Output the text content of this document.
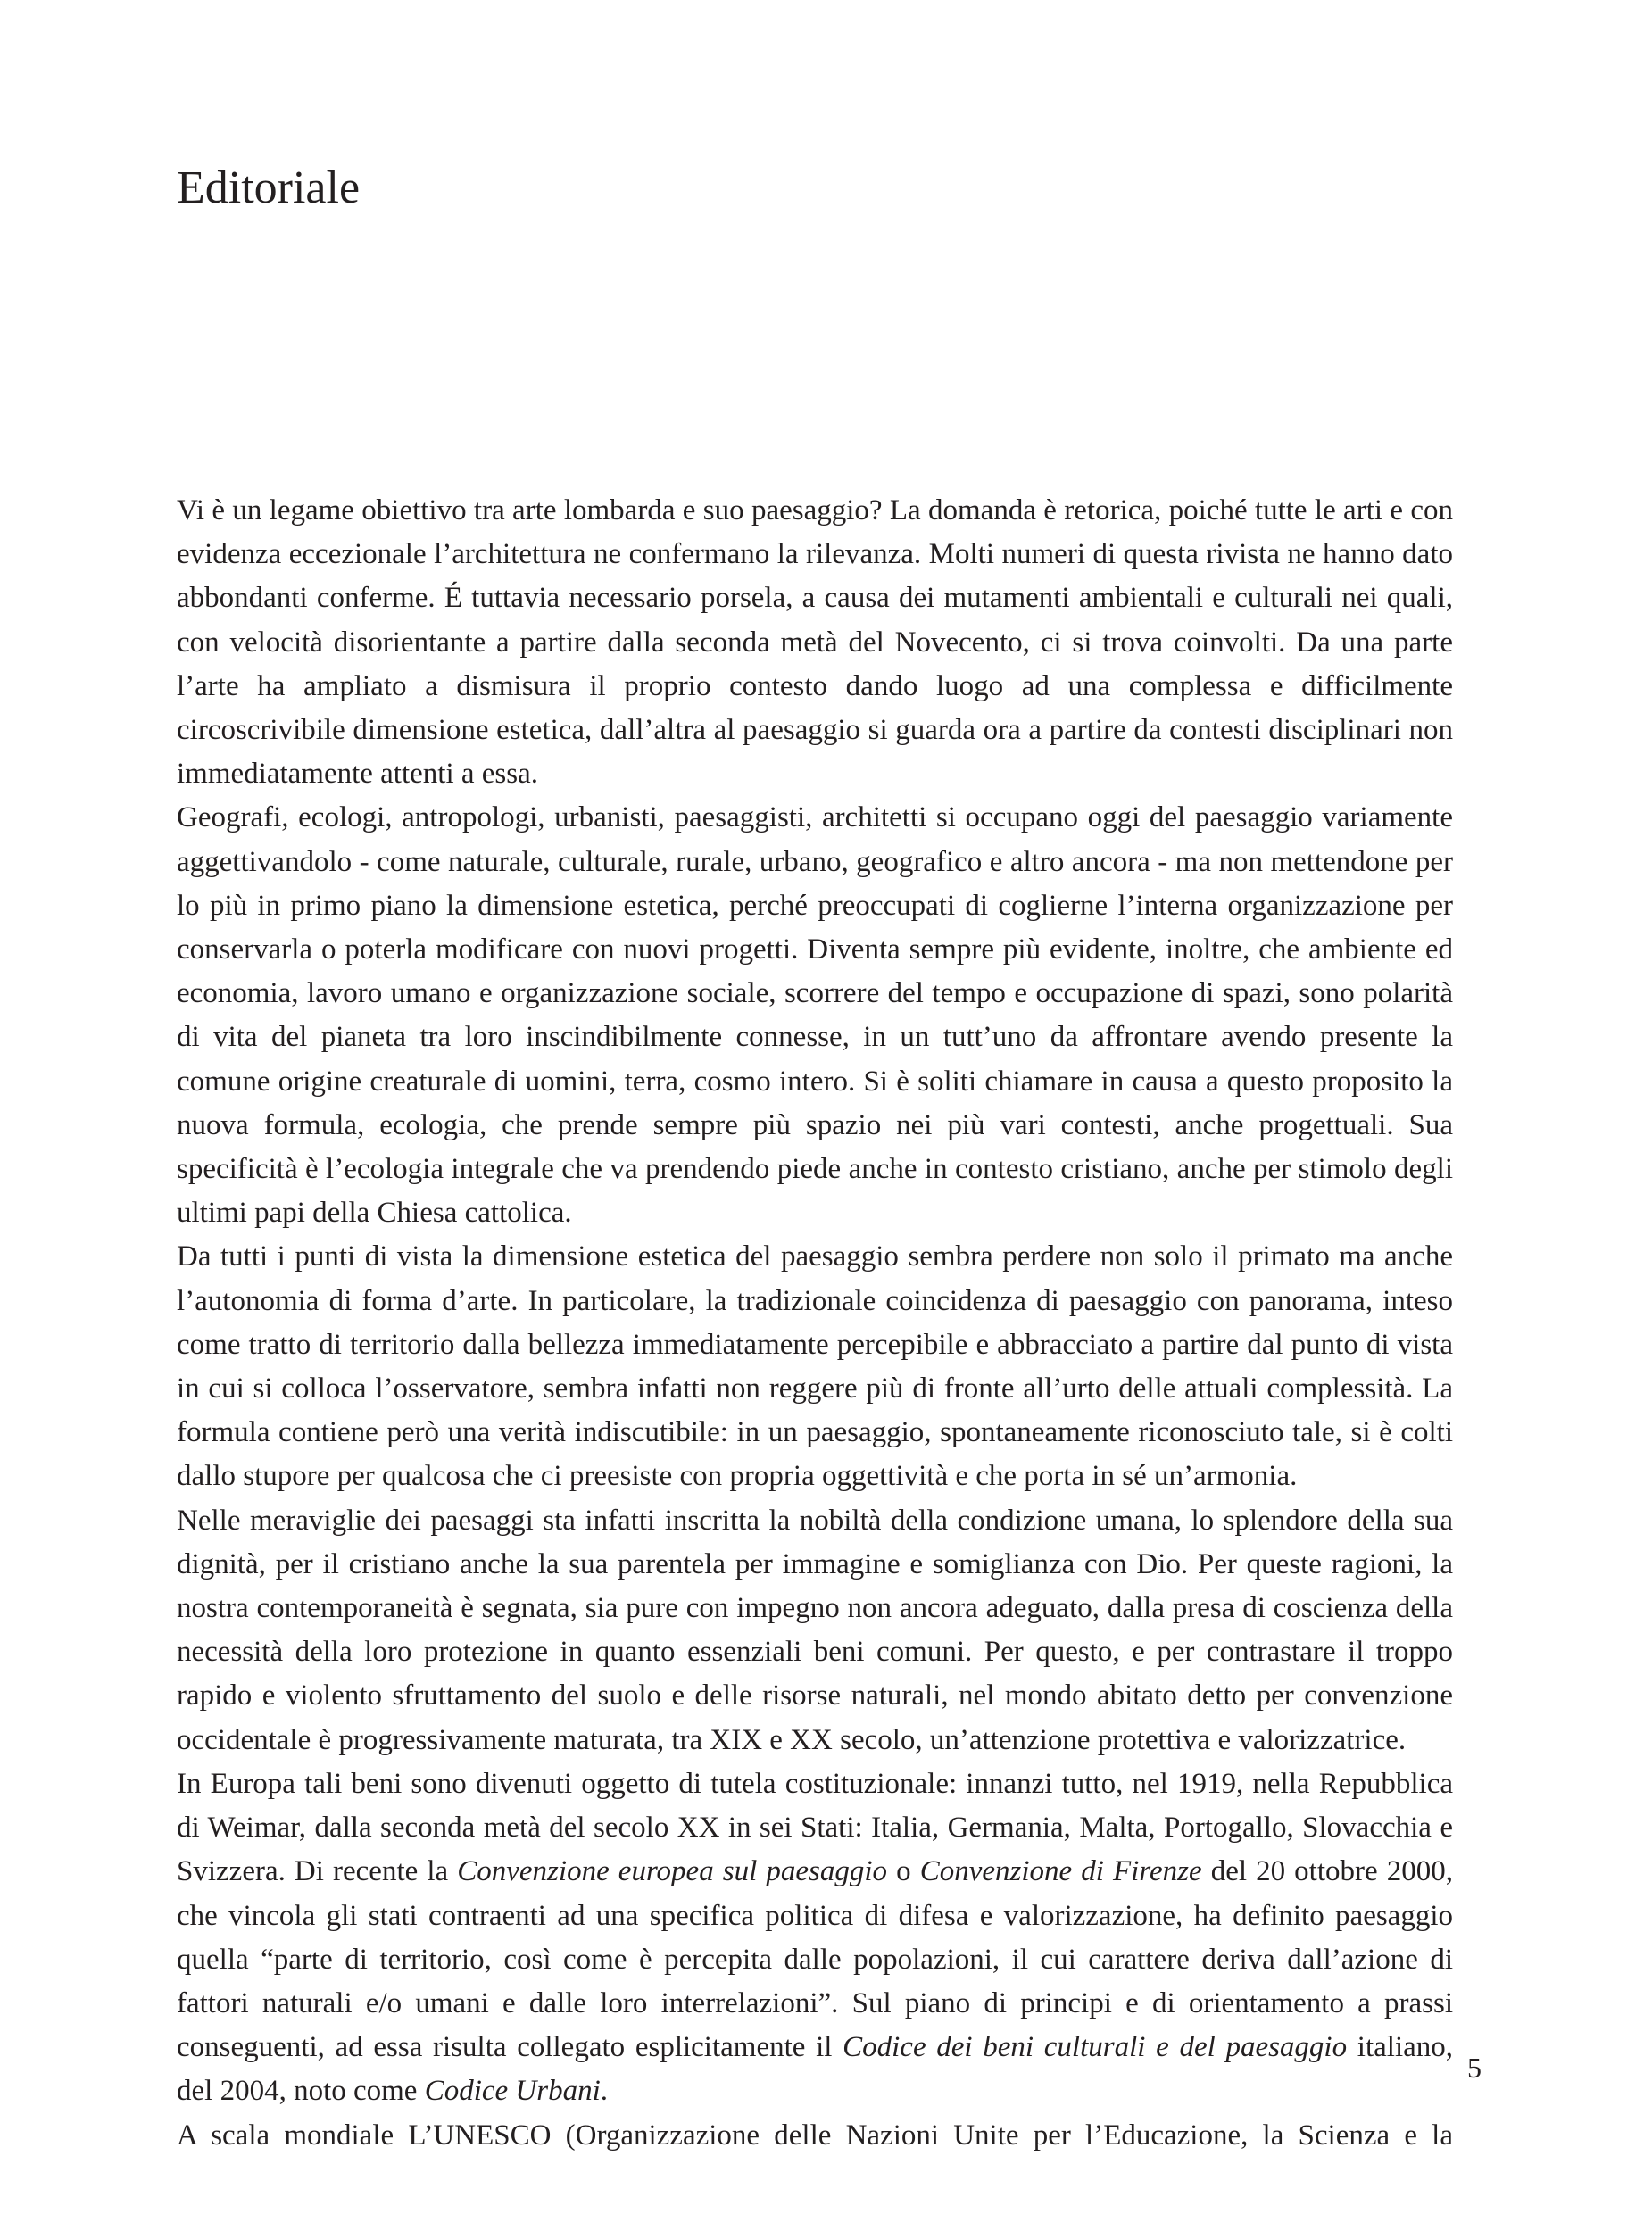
Editoriale

Vi è un legame obiettivo tra arte lombarda e suo paesaggio? La domanda è retorica, poiché tutte le arti e con evidenza eccezionale l’architettura ne confermano la rilevanza. Molti numeri di questa rivista ne hanno dato abbondanti conferme. É tuttavia necessario porsela, a causa dei mutamenti ambientali e culturali nei quali, con velocità disorientante a partire dalla seconda metà del Novecento, ci si trova coinvolti. Da una parte l’arte ha ampliato a dismisura il proprio contesto dando luogo ad una complessa e difficilmente circoscrivibile dimensione estetica, dall’altra al paesaggio si guarda ora a partire da contesti disciplinari non immediatamente attenti a essa.

Geografi, ecologi, antropologi, urbanisti, paesaggisti, architetti si occupano oggi del paesaggio variamente aggettivandolo - come naturale, culturale, rurale, urbano, geografico e altro ancora - ma non mettendone per lo più in primo piano la dimensione estetica, perché preoccupati di coglierne l’interna organizzazione per conservarla o poterla modificare con nuovi progetti. Diventa sempre più evidente, inoltre, che ambiente ed economia, lavoro umano e organizzazione sociale, scorrere del tempo e occupazione di spazi, sono polarità di vita del pianeta tra loro inscindibilmente connesse, in un tutt’uno da affrontare avendo presente la comune origine creaturale di uomini, terra, cosmo intero. Si è soliti chiamare in causa a questo proposito la nuova formula, ecologia, che prende sempre più spazio nei più vari contesti, anche progettuali. Sua specificità è l’ecologia integrale che va prendendo piede anche in contesto cristiano, anche per stimolo degli ultimi papi della Chiesa cattolica.

Da tutti i punti di vista la dimensione estetica del paesaggio sembra perdere non solo il primato ma anche l’autonomia di forma d’arte. In particolare, la tradizionale coincidenza di paesaggio con panorama, inteso come tratto di territorio dalla bellezza immediatamente percepibile e abbracciato a partire dal punto di vista in cui si colloca l’osservatore, sembra infatti non reggere più di fronte all’urto delle attuali complessità. La formula contiene però una verità indiscutibile: in un paesaggio, spontaneamente riconosciuto tale, si è colti dallo stupore per qualcosa che ci preesiste con propria oggettività e che porta in sé un’armonia.

Nelle meraviglie dei paesaggi sta infatti inscritta la nobiltà della condizione umana, lo splendore della sua dignità, per il cristiano anche la sua parentela per immagine e somiglianza con Dio. Per queste ragioni, la nostra contemporaneità è segnata, sia pure con impegno non ancora adeguato, dalla presa di coscienza della necessità della loro protezione in quanto essenziali beni comuni. Per questo, e per contrastare il troppo rapido e violento sfruttamento del suolo e delle risorse naturali, nel mondo abitato detto per convenzione occidentale è progressivamente maturata, tra XIX e XX secolo, un’attenzione protettiva e valorizzatrice.

In Europa tali beni sono divenuti oggetto di tutela costituzionale: innanzi tutto, nel 1919, nella Repubblica di Weimar, dalla seconda metà del secolo XX in sei Stati: Italia, Germania, Malta, Portogallo, Slovacchia e Svizzera. Di recente la Convenzione europea sul paesaggio o Convenzione di Firenze del 20 ottobre 2000, che vincola gli stati contraenti ad una specifica politica di difesa e valorizzazione, ha definito paesaggio quella “parte di territorio, così come è percepita dalle popolazioni, il cui carattere deriva dall’azione di fattori naturali e/o umani e dalle loro interrelazioni”. Sul piano di principi e di orientamento a prassi conseguenti, ad essa risulta collegato esplicitamente il Codice dei beni culturali e del paesaggio italiano, del 2004, noto come Codice Urbani.

A scala mondiale L’UNESCO (Organizzazione delle Nazioni Unite per l’Educazione, la Scienza e la

5
